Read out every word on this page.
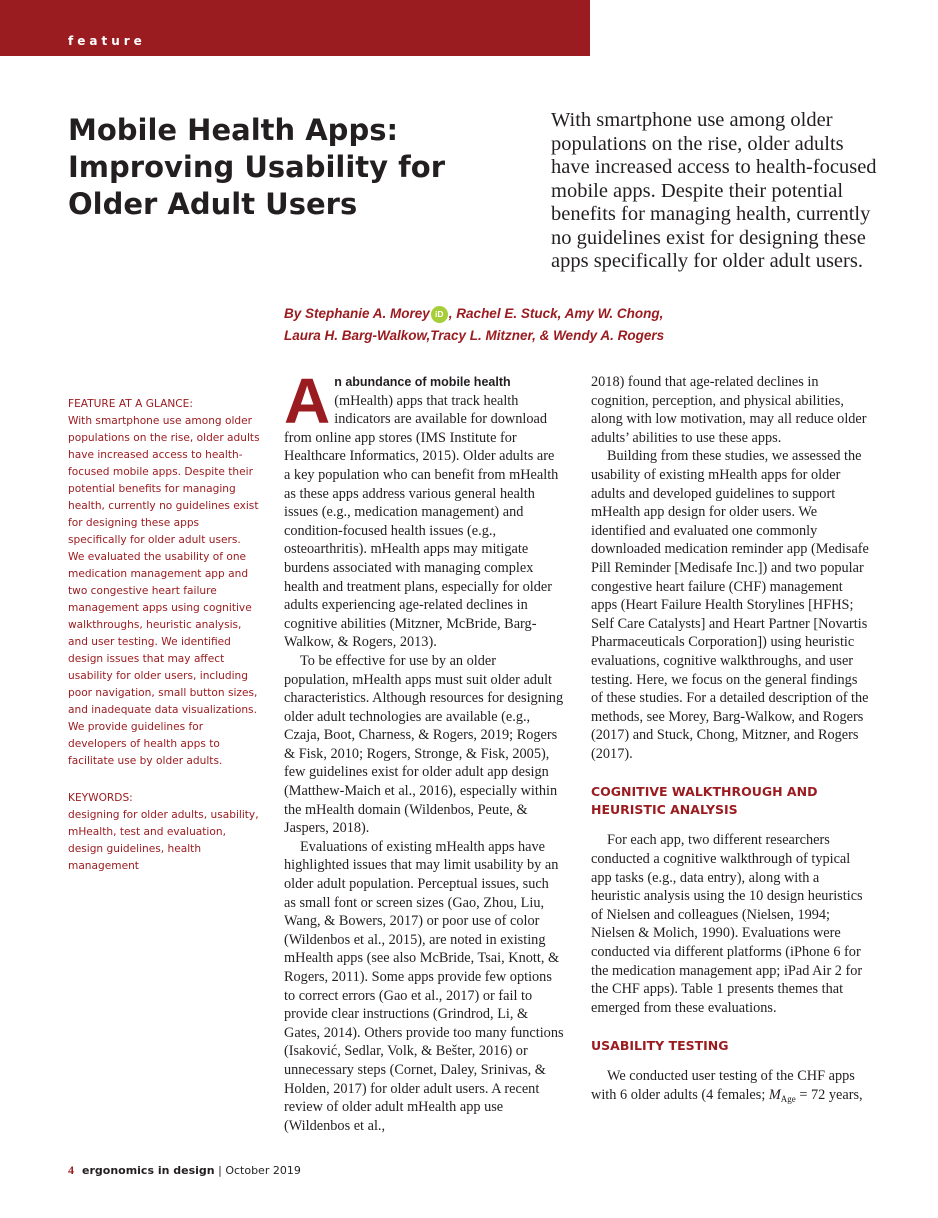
feature
Mobile Health Apps: Improving Usability for Older Adult Users

With smartphone use among older populations on the rise, older adults have increased access to health-focused mobile apps. Despite their potential benefits for managing health, currently no guidelines exist for designing these apps specifically for older adult users.

By Stephanie A. Morey iD , Rachel E. Stuck, Amy W. Chong,
Laura H. Barg-Walkow,Tracy L. Mitzner, & Wendy A. Rogers
FEATURE AT A GLANCE:
With smartphone use among older populations on the rise, older adults have increased access to health-focused mobile apps. Despite their potential benefits for managing health, currently no guidelines exist for designing these apps specifically for older adult users. We evaluated the usability of one medication management app and two congestive heart failure management apps using cognitive walkthroughs, heuristic analysis, and user testing. We identified design issues that may affect usability for older users, including poor navigation, small button sizes, and inadequate data visualizations. We provide guidelines for developers of health apps to facilitate use by older adults.
KEYWORDS:
designing for older adults, usability, mHealth, test and evaluation, design guidelines, health management

An abundance of mobile health (mHealth) apps that track health indicators are available for download from online app stores (IMS Institute for Healthcare Informatics, 2015). Older adults are a key population who can benefit from mHealth as these apps address various general health issues (e.g., medication management) and condition-focused health issues (e.g., osteoarthritis). mHealth apps may mitigate burdens associated with managing complex health and treatment plans, especially for older adults experiencing age-related declines in cognitive abilities (Mitzner, McBride, Barg-Walkow, & Rogers, 2013).

To be effective for use by an older population, mHealth apps must suit older adult characteristics. Although resources for designing older adult technologies are available (e.g., Czaja, Boot, Charness, & Rogers, 2019; Rogers & Fisk, 2010; Rogers, Stronge, & Fisk, 2005), few guidelines exist for older adult app design (Matthew-Maich et al., 2016), especially within the mHealth domain (Wildenbos, Peute, & Jaspers, 2018).

Evaluations of existing mHealth apps have highlighted issues that may limit usability by an older adult population. Perceptual issues, such as small font or screen sizes (Gao, Zhou, Liu, Wang, & Bowers, 2017) or poor use of color (Wildenbos et al., 2015), are noted in existing mHealth apps (see also McBride, Tsai, Knott, & Rogers, 2011). Some apps provide few options to correct errors (Gao et al., 2017) or fail to provide clear instructions (Grindrod, Li, & Gates, 2014). Others provide too many functions (Isaković, Sedlar, Volk, & Bešter, 2016) or unnecessary steps (Cornet, Daley, Srinivas, & Holden, 2017) for older adult users. A recent review of older adult mHealth app use (Wildenbos et al.,

2018) found that age-related declines in cognition, perception, and physical abilities, along with low motivation, may all reduce older adults’ abilities to use these apps.

Building from these studies, we assessed the usability of existing mHealth apps for older adults and developed guidelines to support mHealth app design for older users. We identified and evaluated one commonly downloaded medication reminder app (Medisafe Pill Reminder [Medisafe Inc.]) and two popular congestive heart failure (CHF) management apps (Heart Failure Health Storylines [HFHS; Self Care Catalysts] and Heart Partner [Novartis Pharmaceuticals Corporation]) using heuristic evaluations, cognitive walkthroughs, and user testing. Here, we focus on the general findings of these studies. For a detailed description of the methods, see Morey, Barg-Walkow, and Rogers (2017) and Stuck, Chong, Mitzner, and Rogers (2017).

COGNITIVE WALKTHROUGH AND HEURISTIC ANALYSIS

For each app, two different researchers conducted a cognitive walkthrough of typical app tasks (e.g., data entry), along with a heuristic analysis using the 10 design heuristics of Nielsen and colleagues (Nielsen, 1994; Nielsen & Molich, 1990). Evaluations were conducted via different platforms (iPhone 6 for the medication management app; iPad Air 2 for the CHF apps). Table 1 presents themes that emerged from these evaluations.

USABILITY TESTING

We conducted user testing of the CHF apps with 6 older adults (4 females; $M_{Age} = 72$ years,

4 ergonomics in design | October 2019
